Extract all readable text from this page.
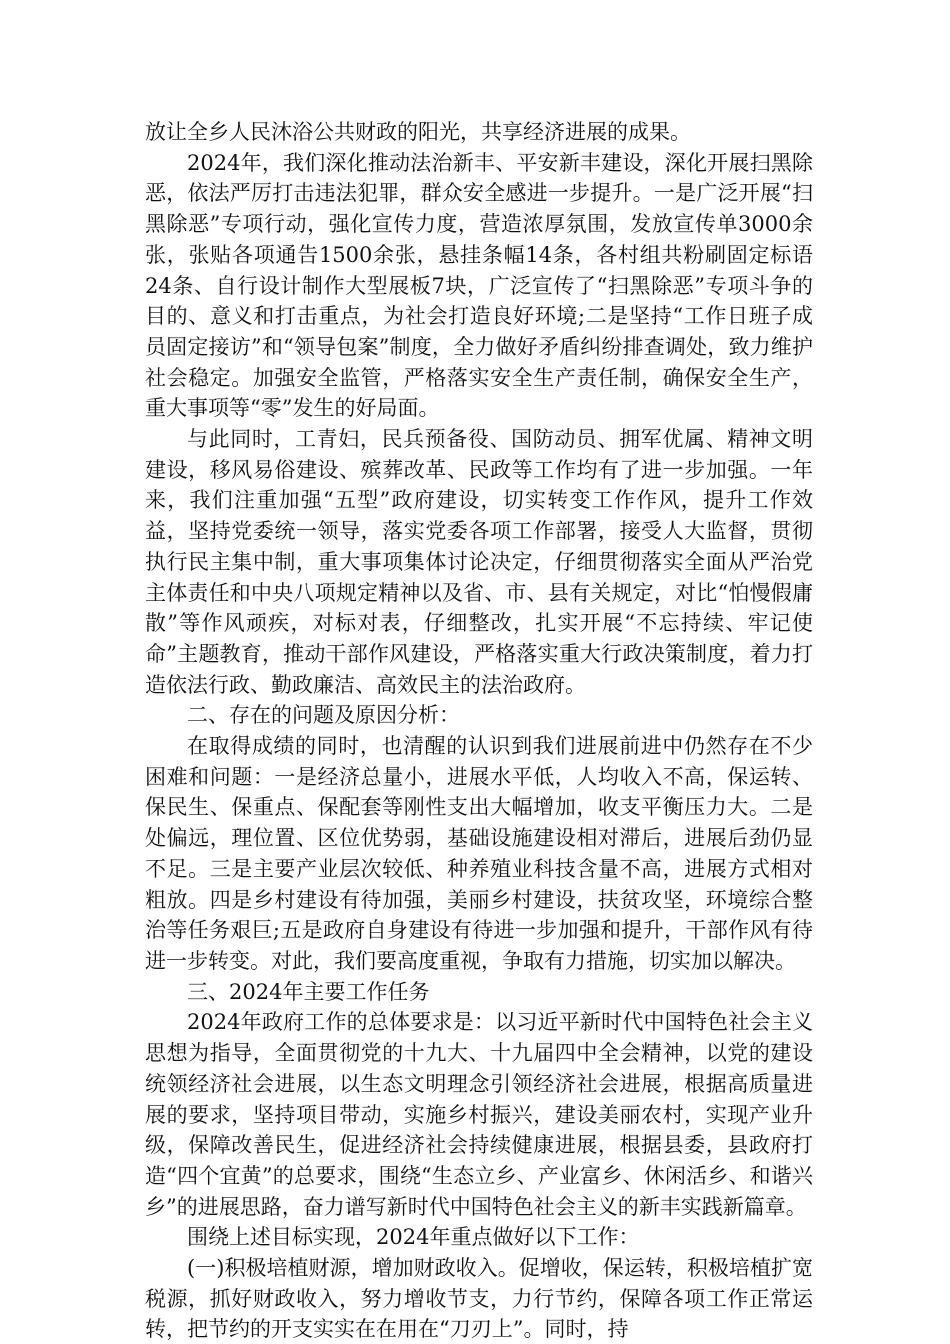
放让全乡人民沐浴公共财政的阳光，共享经济进展的成果。

2024年，我们深化推动法治新丰、平安新丰建设，深化开展扫黑除恶，依法严厉打击违法犯罪，群众安全感进一步提升。一是广泛开展“扫黑除恶”专项行动，强化宣传力度，营造浓厚氛围，发放宣传单3000余张，张贴各项通告1500余张，悬挂条幅14条，各村组共粉刷固定标语24条、自行设计制作大型展板7块，广泛宣传了“扫黑除恶”专项斗争的目的、意义和打击重点，为社会打造良好环境;二是坚持“工作日班子成员固定接访”和“领导包案”制度，全力做好矛盾纠纷排查调处，致力维护社会稳定。加强安全监管，严格落实安全生产责任制，确保安全生产，重大事项等“零”发生的好局面。

与此同时，工青妇，民兵预备役、国防动员、拥军优属、精神文明建设，移风易俗建设、殡葬改革、民政等工作均有了进一步加强。一年来，我们注重加强“五型”政府建设，切实转变工作作风，提升工作效益，坚持党委统一领导，落实党委各项工作部署，接受人大监督，贯彻执行民主集中制，重大事项集体讨论决定，仔细贯彻落实全面从严治党主体责任和中央八项规定精神以及省、市、县有关规定，对比“怕慢假庸散”等作风顽疾，对标对表，仔细整改，扎实开展“不忘持续、牢记使命”主题教育，推动干部作风建设，严格落实重大行政决策制度，着力打造依法行政、勤政廉洁、高效民主的法治政府。

二、存在的问题及原因分析：

在取得成绩的同时，也清醒的认识到我们进展前进中仍然存在不少困难和问题：一是经济总量小，进展水平低，人均收入不高，保运转、保民生、保重点、保配套等刚性支出大幅增加，收支平衡压力大。二是处偏远，理位置、区位优势弱，基础设施建设相对滞后，进展后劲仍显不足。三是主要产业层次较低、种养殖业科技含量不高，进展方式相对粗放。四是乡村建设有待加强，美丽乡村建设，扶贫攻坚，环境综合整治等任务艰巨;五是政府自身建设有待进一步加强和提升，干部作风有待进一步转变。对此，我们要高度重视，争取有力措施，切实加以解决。

三、2024年主要工作任务

2024年政府工作的总体要求是：以习近平新时代中国特色社会主义思想为指导，全面贯彻党的十九大、十九届四中全会精神，以党的建设统领经济社会进展，以生态文明理念引领经济社会进展，根据高质量进展的要求，坚持项目带动，实施乡村振兴，建设美丽农村，实现产业升级，保障改善民生，促进经济社会持续健康进展，根据县委，县政府打造“四个宜黄”的总要求，围绕“生态立乡、产业富乡、休闲活乡、和谐兴乡”的进展思路，奋力谱写新时代中国特色社会主义的新丰实践新篇章。

围绕上述目标实现，2024年重点做好以下工作：

(一)积极培植财源，增加财政收入。促增收，保运转，积极培植扩宽税源，抓好财政收入，努力增收节支，力行节约，保障各项工作正常运转，把节约的开支实实在在用在“刀刃上”。同时，持
